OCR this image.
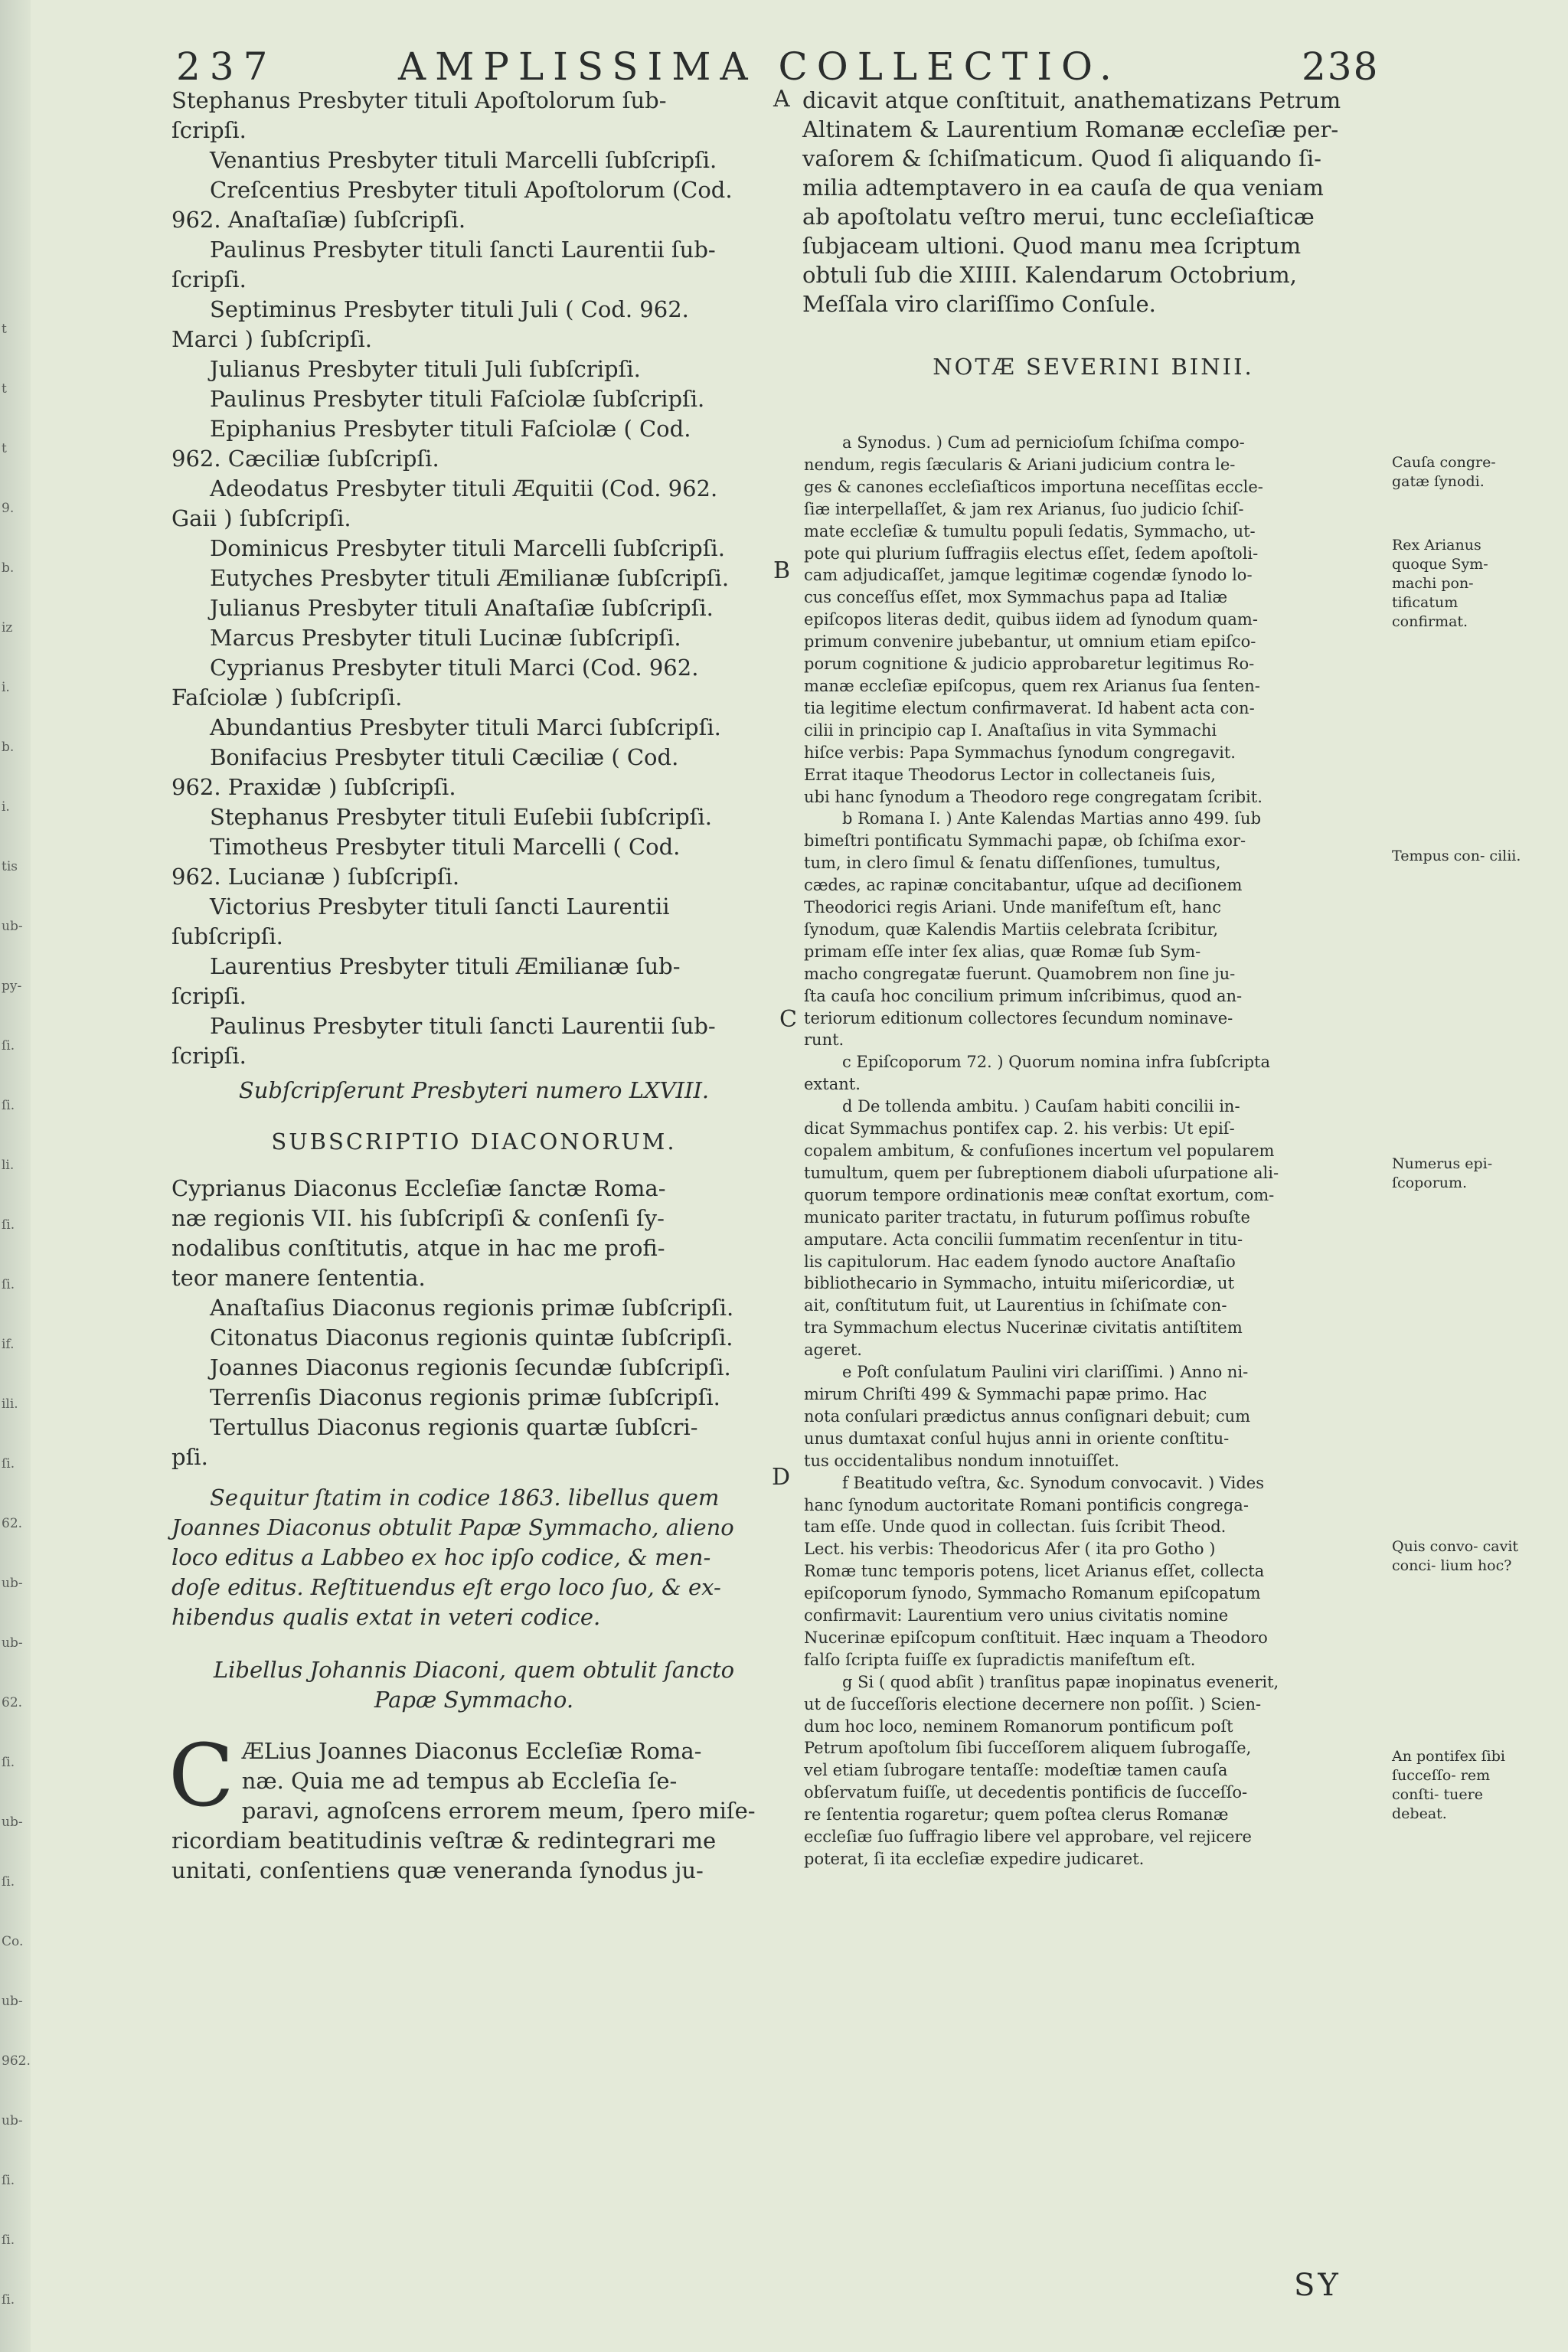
t
t
t
9.
b.
iz
i.
b.
i.
tis
ub-
py-
ſi.
ſi.
li.
ſi.
ſi.
if.
ili.
ſi.
62.
ub-
ub-
62.
ſi.
ub-
ſi.
Co.
ub-
962.
ub-
ſi.
ſi.
ſi.
237	AMPLISSIMA COLLECTIO.	238
Stephanus Presbyter tituli Apoſtolorum ſub-
ſcripſi.
Venantius Presbyter tituli Marcelli ſubſcripſi.
Creſcentius Presbyter tituli Apoſtolorum (Cod.
962. Anaſtaſiæ) ſubſcripſi.
Paulinus Presbyter tituli ſancti Laurentii ſub-
ſcripſi.
Septiminus Presbyter tituli Juli ( Cod. 962.
Marci ) ſubſcripſi.
Julianus Presbyter tituli Juli ſubſcripſi.
Paulinus Presbyter tituli Faſciolæ ſubſcripſi.
Epiphanius Presbyter tituli Faſciolæ ( Cod.
962. Cæciliæ ſubſcripſi.
Adeodatus Presbyter tituli Æquitii (Cod. 962.
Gaii ) ſubſcripſi.
Dominicus Presbyter tituli Marcelli ſubſcripſi.
Eutyches Presbyter tituli Æmilianæ ſubſcripſi.
Julianus Presbyter tituli Anaſtaſiæ ſubſcripſi.
Marcus Presbyter tituli Lucinæ ſubſcripſi.
Cyprianus Presbyter tituli Marci (Cod. 962.
Faſciolæ ) ſubſcripſi.
Abundantius Presbyter tituli Marci ſubſcripſi.
Bonifacius Presbyter tituli Cæciliæ ( Cod.
962. Praxidæ ) ſubſcripſi.
Stephanus Presbyter tituli Euſebii ſubſcripſi.
Timotheus Presbyter tituli Marcelli ( Cod.
962. Lucianæ ) ſubſcripſi.
Victorius Presbyter tituli ſancti Laurentii
ſubſcripſi.
Laurentius Presbyter tituli Æmilianæ ſub-
ſcripſi.
Paulinus Presbyter tituli ſancti Laurentii ſub-
ſcripſi.
Subſcripſerunt Presbyteri numero LXVIII.
SUBSCRIPTIO DIACONORUM.
Cyprianus Diaconus Eccleſiæ ſanctæ Roma-
næ regionis VII. his ſubſcripſi & conſenſi ſy-
nodalibus conſtitutis, atque in hac me profi-
teor manere ſententia.
Anaſtaſius Diaconus regionis primæ ſubſcripſi.
Citonatus Diaconus regionis quintæ ſubſcripſi.
Joannes Diaconus regionis ſecundæ ſubſcripſi.
Terrenſis Diaconus regionis primæ ſubſcripſi.
Tertullus Diaconus regionis quartæ ſubſcri-
pſi.
Sequitur ſtatim in codice 1863. libellus quem
Joannes Diaconus obtulit Papæ Symmacho, alieno
loco editus a Labbeo ex hoc ipſo codice, & men-
doſe editus. Reſtituendus eſt ergo loco ſuo, & ex-
hibendus qualis extat in veteri codice.
Libellus Johannis Diaconi, quem obtulit ſancto
Papæ Symmacho.
C ÆLius Joannes Diaconus Eccleſiæ Roma-
næ. Quia me ad tempus ab Eccleſia ſe-
paravi, agnoſcens errorem meum, ſpero miſe-
ricordiam beatitudinis veſtræ & redintegrari me
unitati, conſentiens quæ veneranda ſynodus ju-
A
B
C
D
dicavit atque conſtituit, anathematizans Petrum
Altinatem & Laurentium Romanæ eccleſiæ per-
vaſorem & ſchiſmaticum. Quod ſi aliquando ſi-
milia adtemptavero in ea cauſa de qua veniam
ab apoſtolatu veſtro merui, tunc eccleſiaſticæ
ſubjaceam ultioni. Quod manu mea ſcriptum
obtuli ſub die XIIII. Kalendarum Octobrium,
Meſſala viro clariſſimo Conſule.
NOTÆ SEVERINI BINII.
a Synodus. ) Cum ad pernicioſum ſchiſma compo-
nendum, regis ſæcularis & Ariani judicium contra le-
ges & canones eccleſiaſticos importuna neceſſitas eccle-
ſiæ interpellaſſet, & jam rex Arianus, ſuo judicio ſchiſ-
mate eccleſiæ & tumultu populi ſedatis, Symmacho, ut-
pote qui plurium ſuffragiis electus eſſet, ſedem apoſtoli-
cam adjudicaſſet, jamque legitimæ cogendæ ſynodo lo-
cus conceſſus eſſet, mox Symmachus papa ad Italiæ
epiſcopos literas dedit, quibus iidem ad ſynodum quam-
primum convenire jubebantur, ut omnium etiam epiſco-
porum cognitione & judicio approbaretur legitimus Ro-
manæ eccleſiæ epiſcopus, quem rex Arianus ſua ſenten-
tia legitime electum confirmaverat. Id habent acta con-
cilii in principio cap I. Anaſtaſius in vita Symmachi
hiſce verbis: Papa Symmachus ſynodum congregavit.
Errat itaque Theodorus Lector in collectaneis ſuis,
ubi hanc ſynodum a Theodoro rege congregatam ſcribit.
b Romana I. ) Ante Kalendas Martias anno 499. ſub
bimeſtri pontificatu Symmachi papæ, ob ſchiſma exor-
tum, in clero ſimul & ſenatu diſſenſiones, tumultus,
cædes, ac rapinæ concitabantur, uſque ad deciſionem
Theodorici regis Ariani. Unde manifeſtum eſt, hanc
ſynodum, quæ Kalendis Martiis celebrata ſcribitur,
primam eſſe inter ſex alias, quæ Romæ ſub Sym-
macho congregatæ fuerunt. Quamobrem non ſine ju-
ſta cauſa hoc concilium primum inſcribimus, quod an-
teriorum editionum collectores ſecundum nominave-
runt.
c Epiſcoporum 72. ) Quorum nomina infra ſubſcripta
extant.
d De tollenda ambitu. ) Cauſam habiti concilii in-
dicat Symmachus pontifex cap. 2. his verbis: Ut epiſ-
copalem ambitum, & confuſiones incertum vel popularem
tumultum, quem per ſubreptionem diaboli uſurpatione ali-
quorum tempore ordinationis meæ conſtat exortum, com-
municato pariter tractatu, in futurum poſſimus robuſte
amputare. Acta concilii ſummatim recenſentur in titu-
lis capitulorum. Hac eadem ſynodo auctore Anaſtaſio
bibliothecario in Symmacho, intuitu miſericordiæ, ut
ait, conſtitutum fuit, ut Laurentius in ſchiſmate con-
tra Symmachum electus Nucerinæ civitatis antiſtitem
ageret.
e Poſt conſulatum Paulini viri clariſſimi. ) Anno ni-
mirum Chriſti 499 & Symmachi papæ primo. Hac
nota conſulari prædictus annus conſignari debuit; cum
unus dumtaxat conſul hujus anni in oriente conſtitu-
tus occidentalibus nondum innotuiſſet.
f Beatitudo veſtra, &c. Synodum convocavit. ) Vides
hanc ſynodum auctoritate Romani pontificis congrega-
tam eſſe. Unde quod in collectan. ſuis ſcribit Theod.
Lect. his verbis: Theodoricus Afer ( ita pro Gotho )
Romæ tunc temporis potens, licet Arianus eſſet, collecta
epiſcoporum ſynodo, Symmacho Romanum epiſcopatum
confirmavit: Laurentium vero unius civitatis nomine
Nucerinæ epiſcopum conſtituit. Hæc inquam a Theodoro
falſo ſcripta fuiſſe ex ſupradictis manifeſtum eſt.
g Si ( quod abſit ) tranſitus papæ inopinatus evenerit,
ut de ſucceſſoris electione decernere non poſſit. ) Scien-
dum hoc loco, neminem Romanorum pontificum poſt
Petrum apoſtolum ſibi ſucceſſorem aliquem ſubrogaſſe,
vel etiam ſubrogare tentaſſe: modeſtiæ tamen cauſa
obſervatum fuiſſe, ut decedentis pontificis de ſucceſſo-
re ſententia rogaretur; quem poſtea clerus Romanæ
eccleſiæ ſuo ſuffragio libere vel approbare, vel rejicere
poterat, ſi ita eccleſiæ expedire judicaret.
Cauſa congre- gatæ ſynodi.
Rex Arianus quoque Sym- machi pon- tificatum confirmat.
Tempus con- cilii.
Numerus epi- ſcoporum.
Quis convo- cavit conci- lium hoc?
An pontifex ſibi ſucceſſo- rem conſti- tuere debeat.
SY
